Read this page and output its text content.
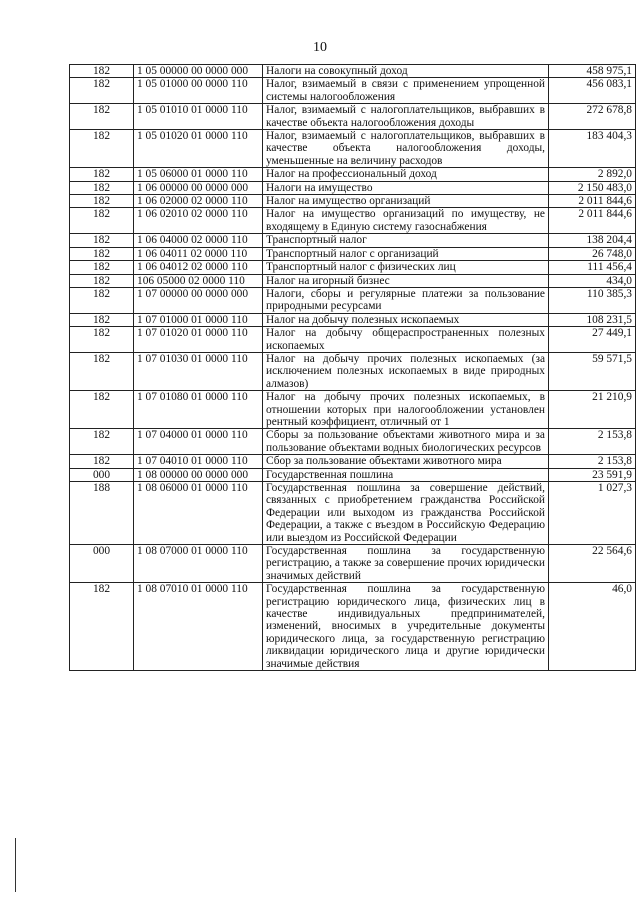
10
182	1 05 00000 00 0000 000	Налоги на совокупный доход	458 975,1
182	1 05 01000 00 0000 110	Налог, взимаемый в связи с применением упрощенной системы налогообложения	456 083,1
182	1 05 01010 01 0000 110	Налог, взимаемый с налогоплательщиков, выбравших в качестве объекта налогообложения доходы	272 678,8
182	1 05 01020 01 0000 110	Налог, взимаемый с налогоплательщиков, выбравших в качестве объекта налогообложения доходы, уменьшенные на величину расходов	183 404,3
182	1 05 06000 01 0000 110	Налог на профессиональный доход	2 892,0
182	1 06 00000 00 0000 000	Налоги на имущество	2 150 483,0
182	1 06 02000 02 0000 110	Налог на имущество организаций	2 011 844,6
182	1 06 02010 02 0000 110	Налог на имущество организаций по имуществу, не входящему в Единую систему газоснабжения	2 011 844,6
182	1 06 04000 02 0000 110	Транспортный налог	138 204,4
182	1 06 04011 02 0000 110	Транспортный налог с организаций	26 748,0
182	1 06 04012 02 0000 110	Транспортный налог с физических лиц	111 456,4
182	106 05000 02 0000 110	Налог на игорный бизнес	434,0
182	1 07 00000 00 0000 000	Налоги, сборы и регулярные платежи за пользование природными ресурсами	110 385,3
182	1 07 01000 01 0000 110	Налог на добычу полезных ископаемых	108 231,5
182	1 07 01020 01 0000 110	Налог на добычу общераспространенных полезных ископаемых	27 449,1
182	1 07 01030 01 0000 110	Налог на добычу прочих полезных ископаемых (за исключением полезных ископаемых в виде природных алмазов)	59 571,5
182	1 07 01080 01 0000 110	Налог на добычу прочих полезных ископаемых, в отношении которых при налогообложении установлен рентный коэффициент, отличный от 1	21 210,9
182	1 07 04000 01 0000 110	Сборы за пользование объектами животного мира и за пользование объектами водных биологических ресурсов	2 153,8
182	1 07 04010 01 0000 110	Сбор за пользование объектами животного мира	2 153,8
000	1 08 00000 00 0000 000	Государственная пошлина	23 591,9
188	1 08 06000 01 0000 110	Государственная пошлина за совершение действий, связанных с приобретением гражданства Российской Федерации или выходом из гражданства Российской Федерации, а также с въездом в Российскую Федерацию или выездом из Российской Федерации	1 027,3
000	1 08 07000 01 0000 110	Государственная пошлина за государственную регистрацию, а также за совершение прочих юридически значимых действий	22 564,6
182	1 08 07010 01 0000 110	Государственная пошлина за государственную регистрацию юридического лица, физических лиц в качестве индивидуальных предпринимателей, изменений, вносимых в учредительные документы юридического лица, за государственную регистрацию ликвидации юридического лица и другие юридически значимые действия	46,0
